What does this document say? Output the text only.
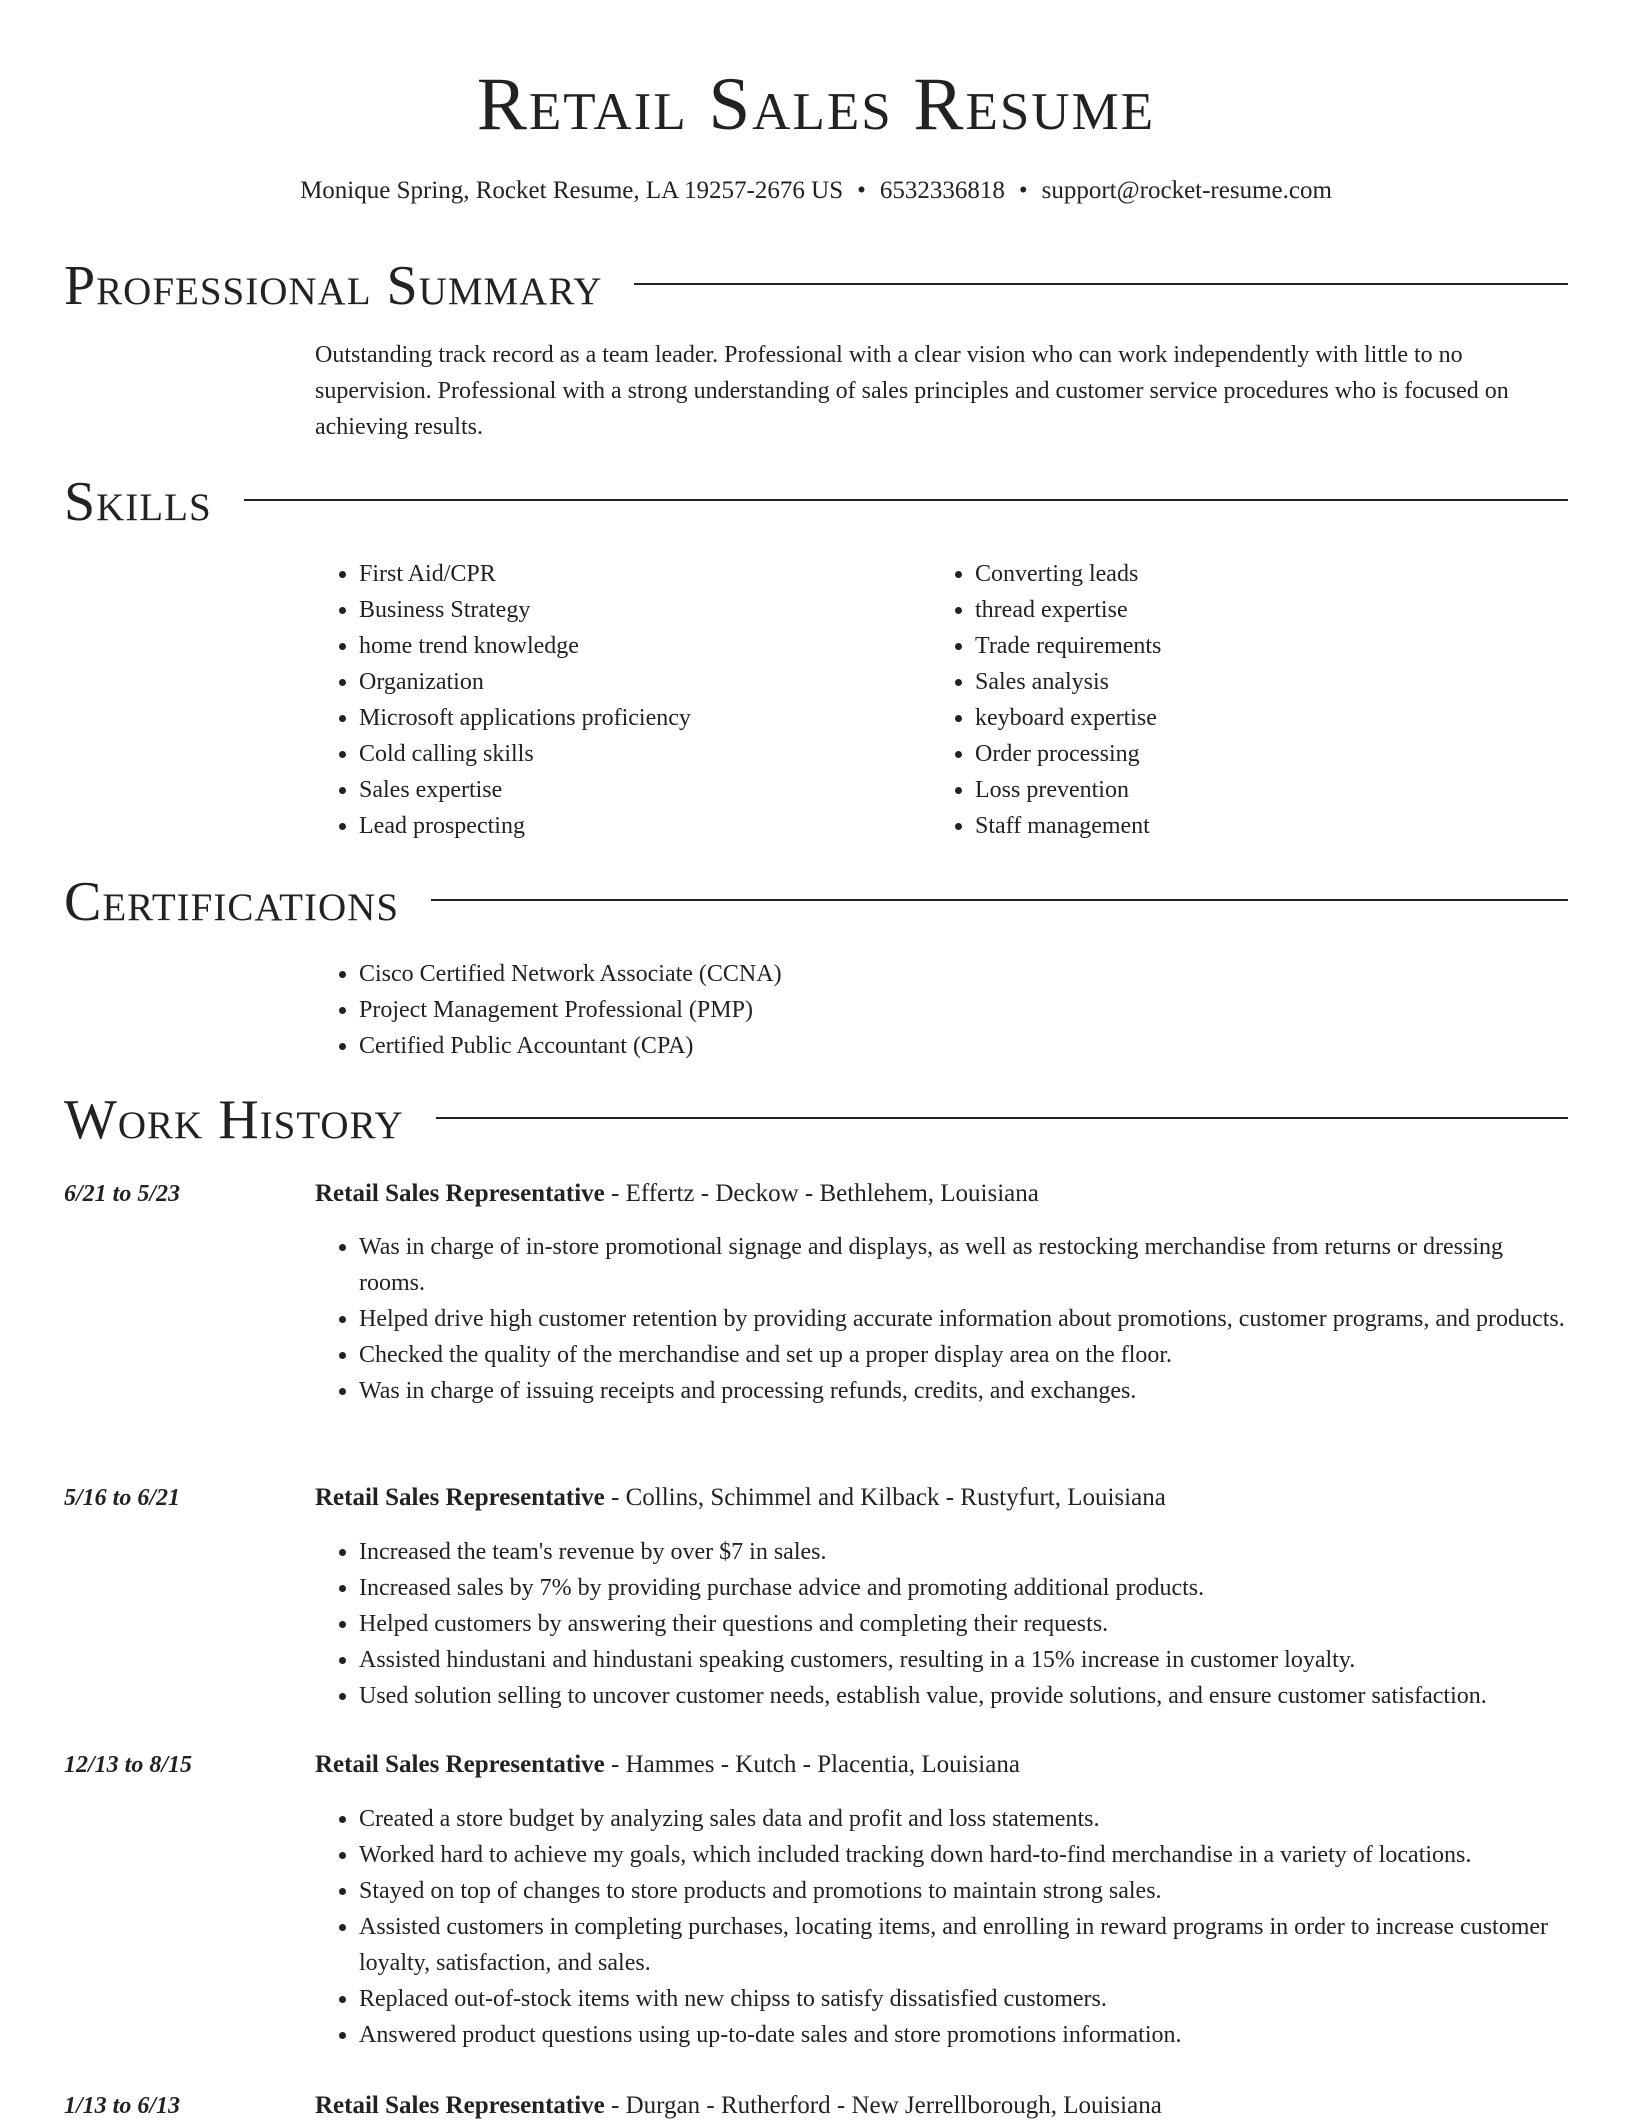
Retail Sales Resume
Monique Spring, Rocket Resume, LA 19257-2676 US • 6532336818 • support@rocket-resume.com
Professional Summary

Outstanding track record as a team leader. Professional with a clear vision who can work independently with little to no supervision. Professional with a strong understanding of sales principles and customer service procedures who is focused on achieving results.

Skills
• First Aid/CPR
• Business Strategy
• home trend knowledge
• Organization
• Microsoft applications proficiency
• Cold calling skills
• Sales expertise
• Lead prospecting
• Converting leads
• thread expertise
• Trade requirements
• Sales analysis
• keyboard expertise
• Order processing
• Loss prevention
• Staff management
Certifications
• Cisco Certified Network Associate (CCNA)
• Project Management Professional (PMP)
• Certified Public Accountant (CPA)
Work History
6/21 to 5/23	Retail Sales Representative - Effertz - Deckow - Bethlehem, Louisiana
• Was in charge of in-store promotional signage and displays, as well as restocking merchandise from returns or dressing rooms.
• Helped drive high customer retention by providing accurate information about promotions, customer programs, and products.
• Checked the quality of the merchandise and set up a proper display area on the floor.
• Was in charge of issuing receipts and processing refunds, credits, and exchanges.
5/16 to 6/21	Retail Sales Representative - Collins, Schimmel and Kilback - Rustyfurt, Louisiana
• Increased the team's revenue by over $7 in sales.
• Increased sales by 7% by providing purchase advice and promoting additional products.
• Helped customers by answering their questions and completing their requests.
• Assisted hindustani and hindustani speaking customers, resulting in a 15% increase in customer loyalty.
• Used solution selling to uncover customer needs, establish value, provide solutions, and ensure customer satisfaction.
12/13 to 8/15	Retail Sales Representative - Hammes - Kutch - Placentia, Louisiana
• Created a store budget by analyzing sales data and profit and loss statements.
• Worked hard to achieve my goals, which included tracking down hard-to-find merchandise in a variety of locations.
• Stayed on top of changes to store products and promotions to maintain strong sales.
• Assisted customers in completing purchases, locating items, and enrolling in reward programs in order to increase customer loyalty, satisfaction, and sales.
• Replaced out-of-stock items with new chipss to satisfy dissatisfied customers.
• Answered product questions using up-to-date sales and store promotions information.
1/13 to 6/13	Retail Sales Representative - Durgan - Rutherford - New Jerrellborough, Louisiana
